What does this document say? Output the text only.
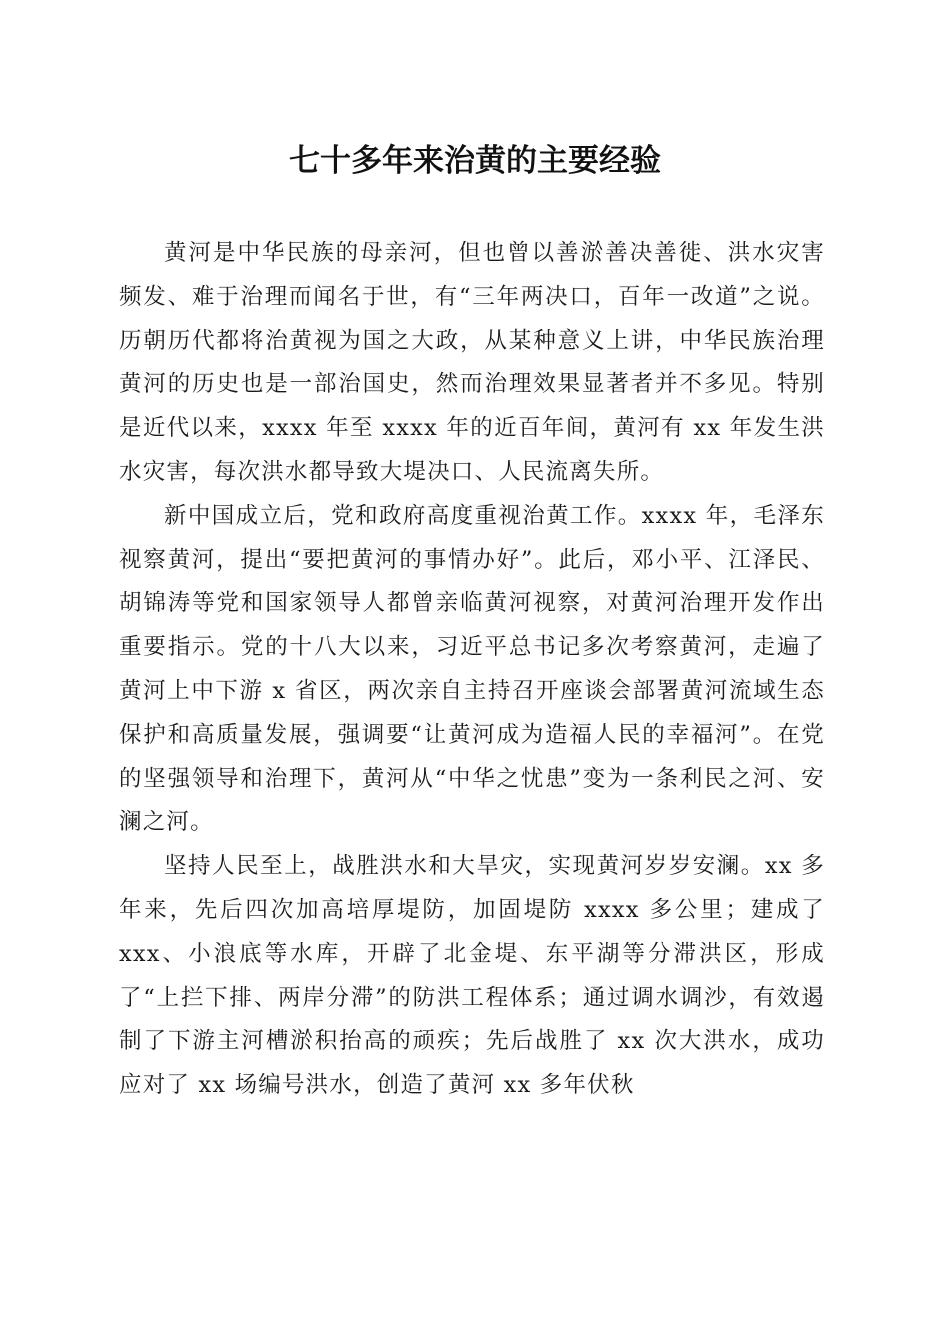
七十多年来治黄的主要经验

黄河是中华民族的母亲河，但也曾以善淤善决善徙、洪水灾害频发、难于治理而闻名于世，有“三年两决口，百年一改道”之说。历朝历代都将治黄视为国之大政，从某种意义上讲，中华民族治理黄河的历史也是一部治国史，然而治理效果显著者并不多见。特别是近代以来，xxxx 年至 xxxx 年的近百年间，黄河有 xx 年发生洪水灾害，每次洪水都导致大堤决口、人民流离失所。

新中国成立后，党和政府高度重视治黄工作。xxxx 年，毛泽东视察黄河，提出“要把黄河的事情办好”。此后，邓小平、江泽民、胡锦涛等党和国家领导人都曾亲临黄河视察，对黄河治理开发作出重要指示。党的十八大以来，习近平总书记多次考察黄河，走遍了黄河上中下游 x 省区，两次亲自主持召开座谈会部署黄河流域生态保护和高质量发展，强调要“让黄河成为造福人民的幸福河”。在党的坚强领导和治理下，黄河从“中华之忧患”变为一条利民之河、安澜之河。

坚持人民至上，战胜洪水和大旱灾，实现黄河岁岁安澜。xx 多年来，先后四次加高培厚堤防，加固堤防 xxxx 多公里；建成了 xxx、小浪底等水库，开辟了北金堤、东平湖等分滞洪区，形成了“上拦下排、两岸分滞”的防洪工程体系；通过调水调沙，有效遏制了下游主河槽淤积抬高的顽疾；先后战胜了 xx 次大洪水，成功应对了 xx 场编号洪水，创造了黄河 xx 多年伏秋
